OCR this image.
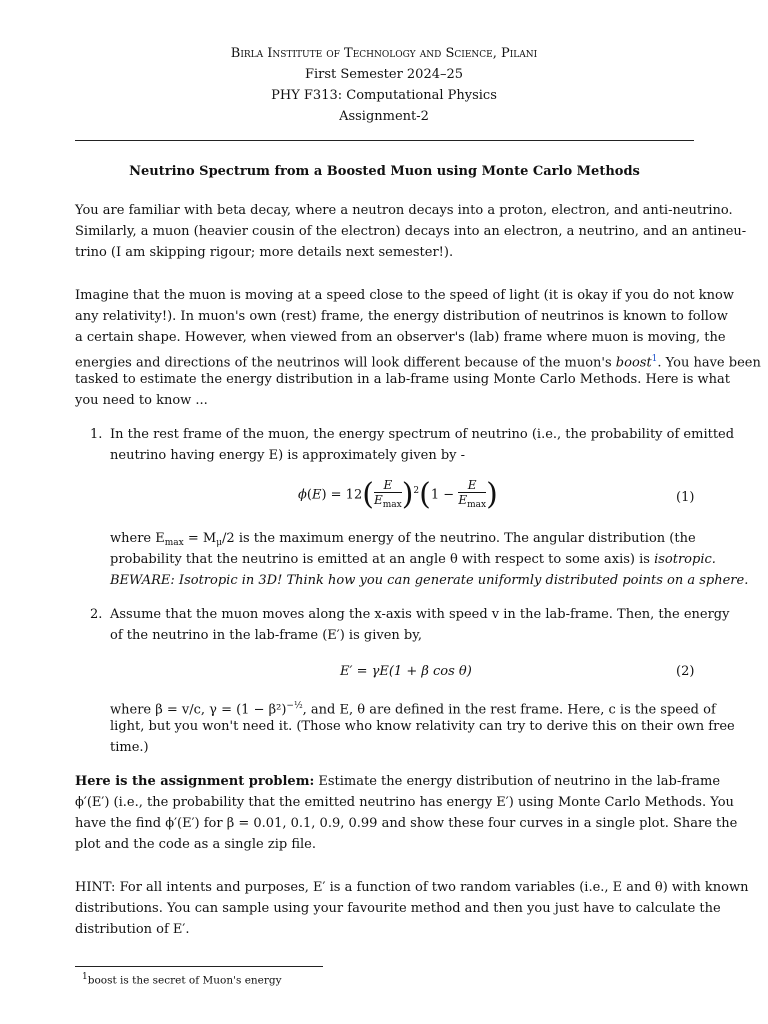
Birla Institute of Technology and Science, Pilani
First Semester 2024–25
PHY F313: Computational Physics
Assignment-2
Neutrino Spectrum from a Boosted Muon using Monte Carlo Methods
You are familiar with beta decay, where a neutron decays into a proton, electron, and anti-neutrino.
Similarly, a muon (heavier cousin of the electron) decays into an electron, a neutrino, and an antineu-
trino (I am skipping rigour; more details next semester!).
Imagine that the muon is moving at a speed close to the speed of light (it is okay if you do not know
any relativity!). In muon's own (rest) frame, the energy distribution of neutrinos is known to follow
a certain shape. However, when viewed from an observer's (lab) frame where muon is moving, the
energies and directions of the neutrinos will look different because of the muon's boost$^1$. You have been
tasked to estimate the energy distribution in a lab-frame using Monte Carlo Methods. Here is what
you need to know ...
1. In the rest frame of the muon, the energy spectrum of neutrino (i.e., the probability of emitted
neutrino having energy E) is approximately given by -
$\phi(E) = 12( \frac{E}{E_{max}} )^2(1 - \frac{E}{E_{max}}$ )	(1)
where $E_{max} = M_\mu/2$ is the maximum energy of the neutrino. The angular distribution (the
probability that the neutrino is emitted at an angle θ with respect to some axis) is isotropic.
BEWARE: Isotropic in 3D! Think how you can generate uniformly distributed points on a sphere.
2. Assume that the muon moves along the x-axis with speed v in the lab-frame. Then, the energy
of the neutrino in the lab-frame (E′) is given by,
E′ = γE(1 + β cos θ)	(2)
where β = v/c, $\gamma = (1 - \beta^2)^{-\frac{1}{2}}$, and E, θ are defined in the rest frame. Here, c is the speed of
light, but you won't need it. (Those who know relativity can try to derive this on their own free
time.)
Here is the assignment problem: Estimate the energy distribution of neutrino in the lab-frame
ϕ′(E′) (i.e., the probability that the emitted neutrino has energy E′) using Monte Carlo Methods. You
have the find ϕ′(E′) for β = 0.01, 0.1, 0.9, 0.99 and show these four curves in a single plot. Share the
plot and the code as a single zip file.
HINT: For all intents and purposes, E′ is a function of two random variables (i.e., E and θ) with known
distributions. You can sample using your favourite method and then you just have to calculate the
distribution of E′.
$^1$boost is the secret of Muon's energy
